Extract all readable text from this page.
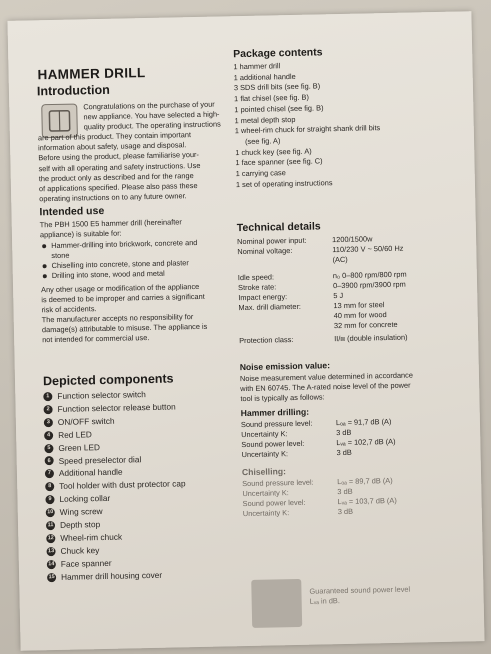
HAMMER DRILL
Introduction

Congratulations on the purchase of your

new appliance. You have selected a high-

quality product. The operating instructions

are part of this product. They contain important

information about safety, usage and disposal.

Before using the product, please familiarise your-

self with all operating and safety instructions. Use

the product only as described and for the range

of applications specified. Please also pass these

operating instructions on to any future owner.

Intended use

The PBH 1500 E5 hammer drill (hereinafter

appliance) is suitable for:

Hammer-drilling into brickwork, concrete and
stone
Chiselling into concrete, stone and plaster
Drilling into stone, wood and metal

Any other usage or modification of the appliance

is deemed to be improper and carries a significant

risk of accidents.

The manufacturer accepts no responsibility for

damage(s) attributable to misuse. The appliance is

not intended for commercial use.

Depicted components
1 Function selector switch
2 Function selector release button
3 ON/OFF switch
4 Red LED
5 Green LED
6 Speed preselector dial
7 Additional handle
8 Tool holder with dust protector cap
9 Locking collar
10 Wing screw
11 Depth stop
12 Wheel-rim chuck
13 Chuck key
14 Face spanner
15 Hammer drill housing cover
Package contents
1 hammer drill
1 additional handle
3 SDS drill bits (see fig. B)
1 flat chisel (see fig. B)
1 pointed chisel (see fig. B)
1 metal depth stop
1 wheel-rim chuck for straight shank drill bits
(see fig. A)
1 chuck key (see fig. A)
1 face spanner (see fig. C)
1 carrying case
1 set of operating instructions
Technical details
Nominal power input:	1200/1500w

Nominal voltage:	110/230 V ~ 50/60 Hz
(AC)

Idle speed:	n₀ 0–800 rpm/800 rpm

Stroke rate:	0–3900 rpm/3900 rpm

Impact energy:	5 J

Max. drill diameter:	13 mm for steel
40 mm for wood
32 mm for concrete

Protection class:	II/⧈ (double insulation)
Noise emission value:

Noise measurement value determined in accordance

with EN 60745. The A-rated noise level of the power

tool is typically as follows:

Hammer drilling:
Sound pressure level:	Lₒₐ = 91,7 dB (A)
Uncertainty K:	3 dB
Sound power level:	Lᵥₐ = 102,7 dB (A)
Uncertainty K:	3 dB
Chiselling:
Sound pressure level:	Lₒₐ = 89,7 dB (A)
Uncertainty K:	3 dB
Sound power level:	Lᵥₐ = 103,7 dB (A)
Uncertainty K:	3 dB

Guaranteed sound power level

Lᵥₐ in dB.
